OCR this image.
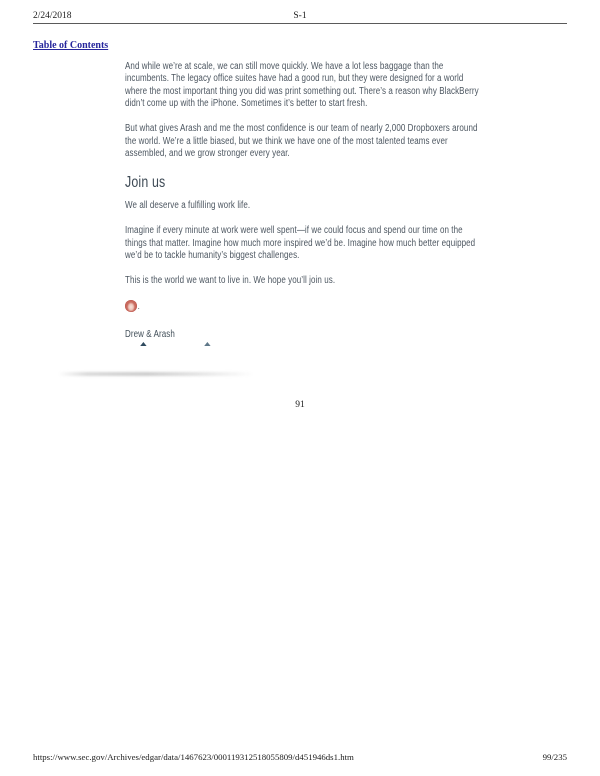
2/24/2018	S-1
Table of Contents

And while we’re at scale, we can still move quickly. We have a lot less baggage than the incumbents. The legacy office suites have had a good run, but they were designed for a world where the most important thing you did was print something out. There’s a reason why BlackBerry didn’t come up with the iPhone. Sometimes it’s better to start fresh.

But what gives Arash and me the most confidence is our team of nearly 2,000 Dropboxers around the world. We’re a little biased, but we think we have one of the most talented teams ever assembled, and we grow stronger every year.

Join us

We all deserve a fulfilling work life.

Imagine if every minute at work were well spent—if we could focus and spend our time on the things that matter. Imagine how much more inspired we’d be. Imagine how much better equipped we’d be to tackle humanity’s biggest challenges.

This is the world we want to live in. We hope you’ll join us.

.
Drew & Arash
91
https://www.sec.gov/Archives/edgar/data/1467623/000119312518055809/d451946ds1.htm	99/235
